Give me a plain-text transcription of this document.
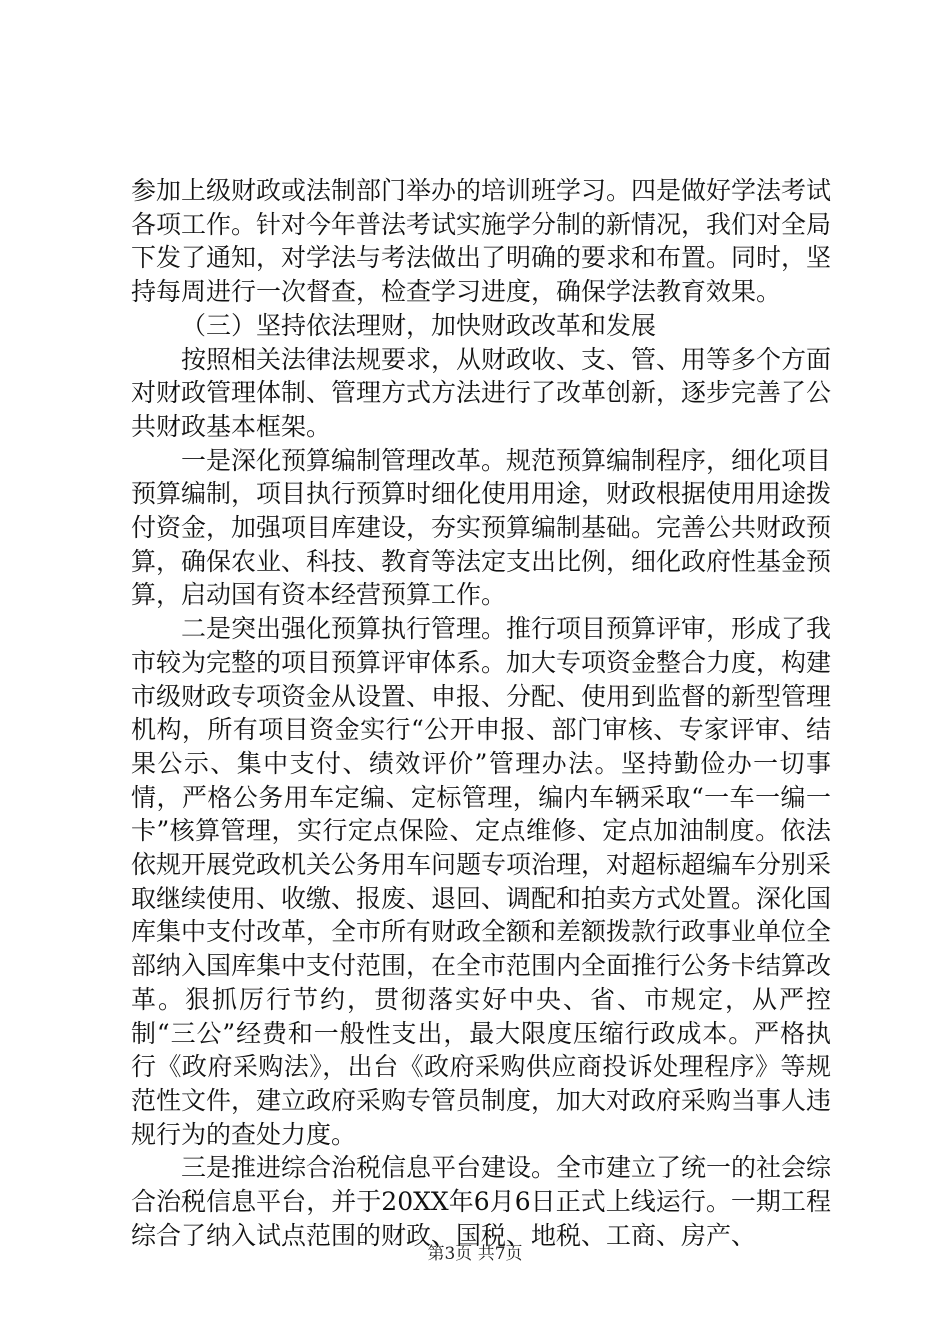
参加上级财政或法制部门举办的培训班学习。四是做好学法考试各项工作。针对今年普法考试实施学分制的新情况，我们对全局下发了通知，对学法与考法做出了明确的要求和布置。同时，坚持每周进行一次督查，检查学习进度，确保学法教育效果。

（三）坚持依法理财，加快财政改革和发展

按照相关法律法规要求，从财政收、支、管、用等多个方面对财政管理体制、管理方式方法进行了改革创新，逐步完善了公共财政基本框架。

一是深化预算编制管理改革。规范预算编制程序，细化项目预算编制，项目执行预算时细化使用用途，财政根据使用用途拨付资金，加强项目库建设，夯实预算编制基础。完善公共财政预算，确保农业、科技、教育等法定支出比例，细化政府性基金预算，启动国有资本经营预算工作。

二是突出强化预算执行管理。推行项目预算评审，形成了我市较为完整的项目预算评审体系。加大专项资金整合力度，构建市级财政专项资金从设置、申报、分配、使用到监督的新型管理机构，所有项目资金实行“公开申报、部门审核、专家评审、结果公示、集中支付、绩效评价”管理办法。坚持勤俭办一切事情，严格公务用车定编、定标管理，编内车辆采取“一车一编一卡”核算管理，实行定点保险、定点维修、定点加油制度。依法依规开展党政机关公务用车问题专项治理，对超标超编车分别采取继续使用、收缴、报废、退回、调配和拍卖方式处置。深化国库集中支付改革，全市所有财政全额和差额拨款行政事业单位全部纳入国库集中支付范围，在全市范围内全面推行公务卡结算改革。狠抓厉行节约，贯彻落实好中央、省、市规定，从严控制“三公”经费和一般性支出，最大限度压缩行政成本。严格执行《政府采购法》，出台《政府采购供应商投诉处理程序》等规范性文件，建立政府采购专管员制度，加大对政府采购当事人违规行为的查处力度。

三是推进综合治税信息平台建设。全市建立了统一的社会综合治税信息平台，并于20XX年6月6日正式上线运行。一期工程综合了纳入试点范围的财政、国税、地税、工商、房产、

第3页 共7页
